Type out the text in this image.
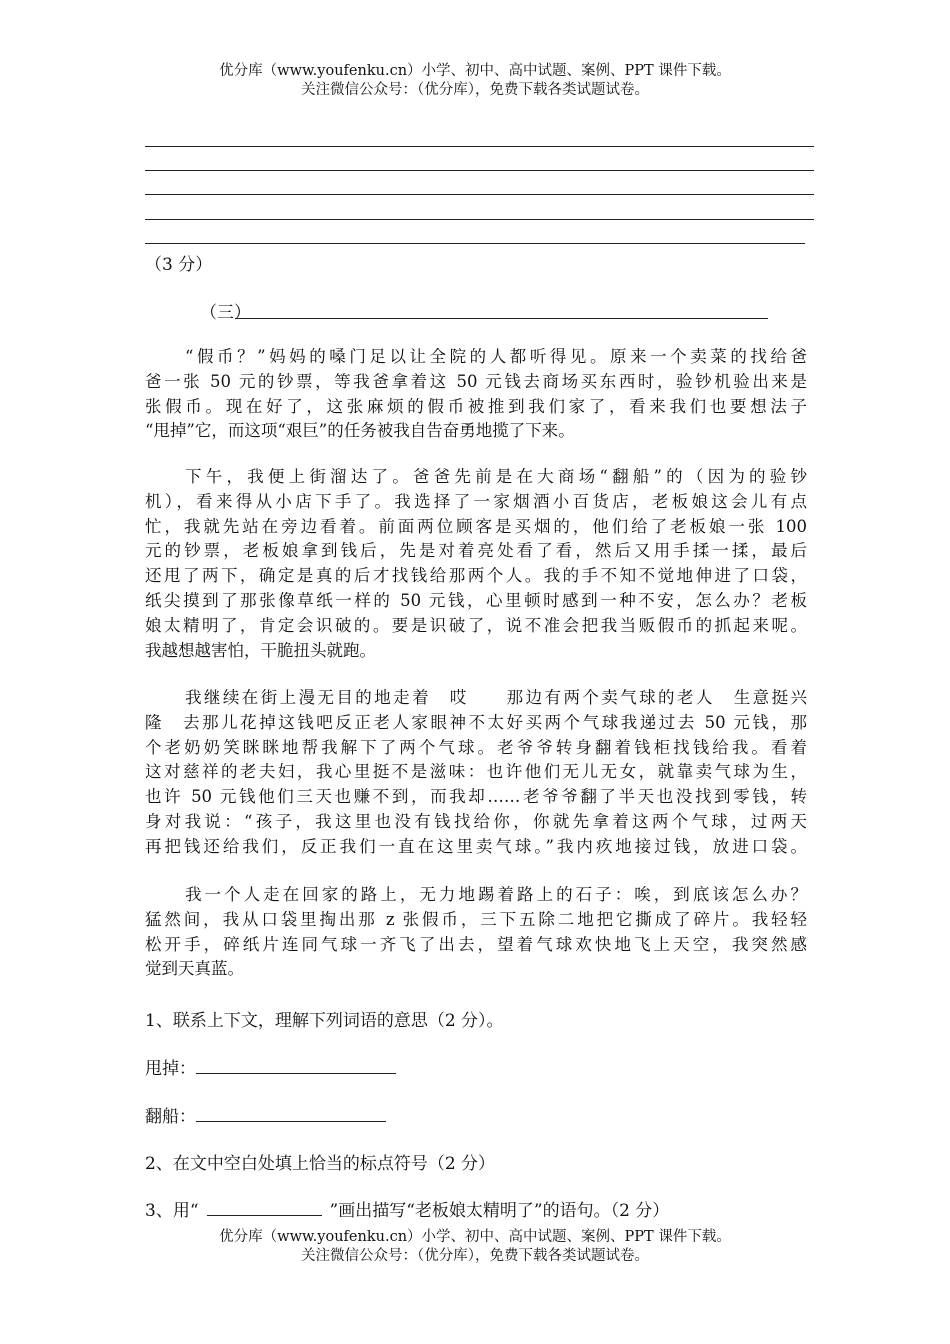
优分库（www.youfenku.cn）小学、初中、高中试题、案例、PPT 课件下载。
关注微信公众号：（优分库），免费下载各类试题试卷。
（3 分）
（三）
“假币？”妈妈的嗓门足以让全院的人都听得见。原来一个卖菜的找给爸
爸一张 50 元的钞票，等我爸拿着这 50 元钱去商场买东西时，验钞机验出来是
张假币。现在好了，这张麻烦的假币被推到我们家了，看来我们也要想法子
“甩掉”它，而这项“艰巨”的任务被我自告奋勇地揽了下来。
下午，我便上街溜达了。爸爸先前是在大商场“翻船”的（因为的验钞
机），看来得从小店下手了。我选择了一家烟酒小百货店，老板娘这会儿有点
忙，我就先站在旁边看着。前面两位顾客是买烟的，他们给了老板娘一张 100
元的钞票，老板娘拿到钱后，先是对着亮处看了看，然后又用手揉一揉，最后
还甩了两下，确定是真的后才找钱给那两个人。我的手不知不觉地伸进了口袋，
纸尖摸到了那张像草纸一样的 50 元钱，心里顿时感到一种不安，怎么办？老板
娘太精明了，肯定会识破的。要是识破了，说不准会把我当贩假币的抓起来呢。
我越想越害怕，干脆扭头就跑。
我继续在街上漫无目的地走着　哎　　那边有两个卖气球的老人　生意挺兴
隆　去那儿花掉这钱吧反正老人家眼神不太好买两个气球我递过去 50 元钱，那
个老奶奶笑眯眯地帮我解下了两个气球。老爷爷转身翻着钱柜找钱给我。看着
这对慈祥的老夫妇，我心里挺不是滋味：也许他们无儿无女，就靠卖气球为生，
也许 50 元钱他们三天也赚不到，而我却……老爷爷翻了半天也没找到零钱，转
身对我说：“孩子，我这里也没有钱找给你，你就先拿着这两个气球，过两天
再把钱还给我们，反正我们一直在这里卖气球。”我内疚地接过钱，放进口袋。
我一个人走在回家的路上，无力地踢着路上的石子：唉，到底该怎么办？
猛然间，我从口袋里掏出那 z 张假币，三下五除二地把它撕成了碎片。我轻轻
松开手，碎纸片连同气球一齐飞了出去，望着气球欢快地飞上天空，我突然感
觉到天真蓝。
1、联系上下文，理解下列词语的意思（2 分）。
甩掉：
翻船：
2、在文中空白处填上恰当的标点符号（2 分）
3、用“	”画出描写“老板娘太精明了”的语句。（2 分）
优分库（www.youfenku.cn）小学、初中、高中试题、案例、PPT 课件下载。
关注微信公众号：（优分库），免费下载各类试题试卷。
